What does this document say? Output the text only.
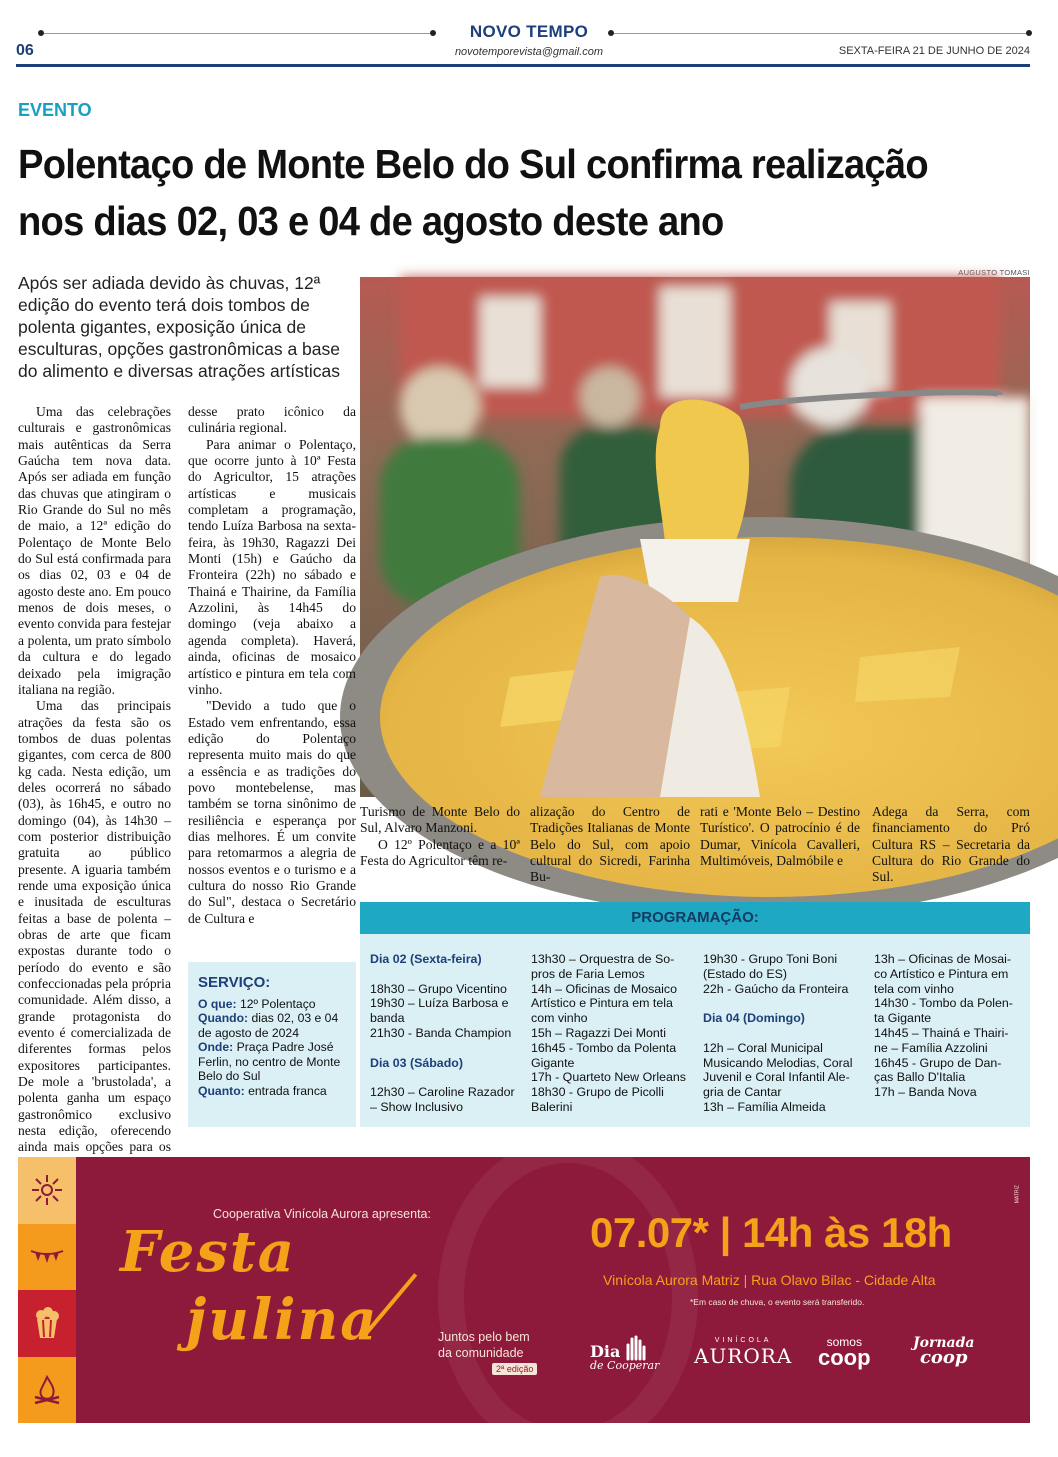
NOVO TEMPO
novotemporevista@gmail.com
06	SEXTA-FEIRA 21 DE JUNHO DE 2024
EVENTO
Polentaço de Monte Belo do Sul confirma realização nos dias 02, 03 e 04 de agosto deste ano
Após ser adiada devido às chuvas, 12ª edição do evento terá dois tombos de polenta gigantes, exposição única de esculturas, opções gastronômicas a base do alimento e diversas atrações artísticas
AUGUSTO TOMASI

Uma das celebrações culturais e gastronômicas mais autênticas da Serra Gaúcha tem nova data. Após ser adiada em função das chuvas que atingiram o Rio Grande do Sul no mês de maio, a 12ª edição do Polentaço de Monte Belo do Sul está confirmada para os dias 02, 03 e 04 de agosto deste ano. Em pouco menos de dois meses, o evento convida para festejar a polenta, um prato símbolo da cultura e do legado deixado pela imigração italiana na região.

Uma das principais atrações da festa são os tombos de duas polentas gigantes, com cerca de 800 kg cada. Nesta edição, um deles ocorrerá no sábado (03), às 16h45, e outro no domingo (04), às 14h30 – com posterior distribuição gratuita ao público presente. A iguaria também rende uma exposição única e inusitada de esculturas feitas a base de polenta – obras de arte que ficam expostas durante todo o período do evento e são confeccionadas pela própria comunidade. Além disso, a grande protagonista do evento é comercializada de diferentes formas pelos expositores participantes. De mole a 'brustolada', a polenta ganha um espaço gastronômico exclusivo nesta edição, oferecendo ainda mais opções para os

desse prato icônico da culinária regional.

Para animar o Polentaço, que ocorre junto à 10ª Festa do Agricultor, 15 atrações artísticas e musicais completam a programação, tendo Luíza Barbosa na sexta-feira, às 19h30, Ragazzi Dei Monti (15h) e Gaúcho da Fronteira (22h) no sábado e Thainá e Thairine, da Família Azzolini, às 14h45 do domingo (veja abaixo a agenda completa). Haverá, ainda, oficinas de mosaico artístico e pintura em tela com vinho.

"Devido a tudo que o Estado vem enfrentando, essa edição do Polentaço representa muito mais do que a essência e as tradições do povo montebelense, mas também se torna sinônimo de resiliência e esperança por dias melhores. É um convite para retomarmos a alegria de nossos eventos e o turismo e a cultura do nosso Rio Grande do Sul", destaca o Secretário de Cultura e

Turismo de Monte Belo do Sul, Alvaro Manzoni.

O 12º Polentaço e a 10ª Festa do Agricultor têm re-

alização do Centro de Tradições Italianas de Monte Belo do Sul, com apoio cultural do Sicredi, Farinha Bu-

rati e 'Monte Belo – Destino Turístico'. O patrocínio é de Dumar, Vinícola Cavalleri, Multimóveis, Dalmóbile e

Adega da Serra, com financiamento do Pró Cultura RS – Secretaria da Cultura do Rio Grande do Sul.

SERVIÇO:
O que: 12º Polentaço
Quando: dias 02, 03 e 04 de agosto de 2024
Onde: Praça Padre José Ferlin, no centro de Monte Belo do Sul
Quanto: entrada franca
PROGRAMAÇÃO:
Dia 02 (Sexta-feira)
18h30 – Grupo Vicentino
19h30 – Luíza Barbosa e
banda
21h30 - Banda Champion
Dia 03 (Sábado)
12h30 – Caroline Razador
– Show Inclusivo
13h30 – Orquestra de So-
pros de Faria Lemos
14h – Oficinas de Mosaico
Artístico e Pintura em tela
com vinho
15h – Ragazzi Dei Monti
16h45 - Tombo da Polenta
Gigante
17h - Quarteto New Orleans
18h30 - Grupo de Picolli
Balerini
19h30 - Grupo Toni Boni
(Estado do ES)
22h - Gaúcho da Fronteira
Dia 04 (Domingo)
12h – Coral Municipal
Musicando Melodias, Coral
Juvenil e Coral Infantil Ale-
gria de Cantar
13h – Família Almeida
13h – Oficinas de Mosai-
co Artístico e Pintura em
tela com vinho
14h30 - Tombo da Polen-
ta Gigante
14h45 – Thainá e Thairi-
ne – Família Azzolini
16h45 - Grupo de Dan-
ças Ballo D'Italia
17h – Banda Nova
Cooperativa Vinícola Aurora apresenta:
Festa
julina	Juntos pelo bem
da comunidade
2ª edição
07.07* | 14h às 18h
Vinícola Aurora Matriz | Rua Olavo Bilac - Cidade Alta
*Em caso de chuva, o evento será transferido.
Dia
de Cooperar
VINÍCOLA
AURORA
somos
coop
Jornada
coop
MATRIZ
